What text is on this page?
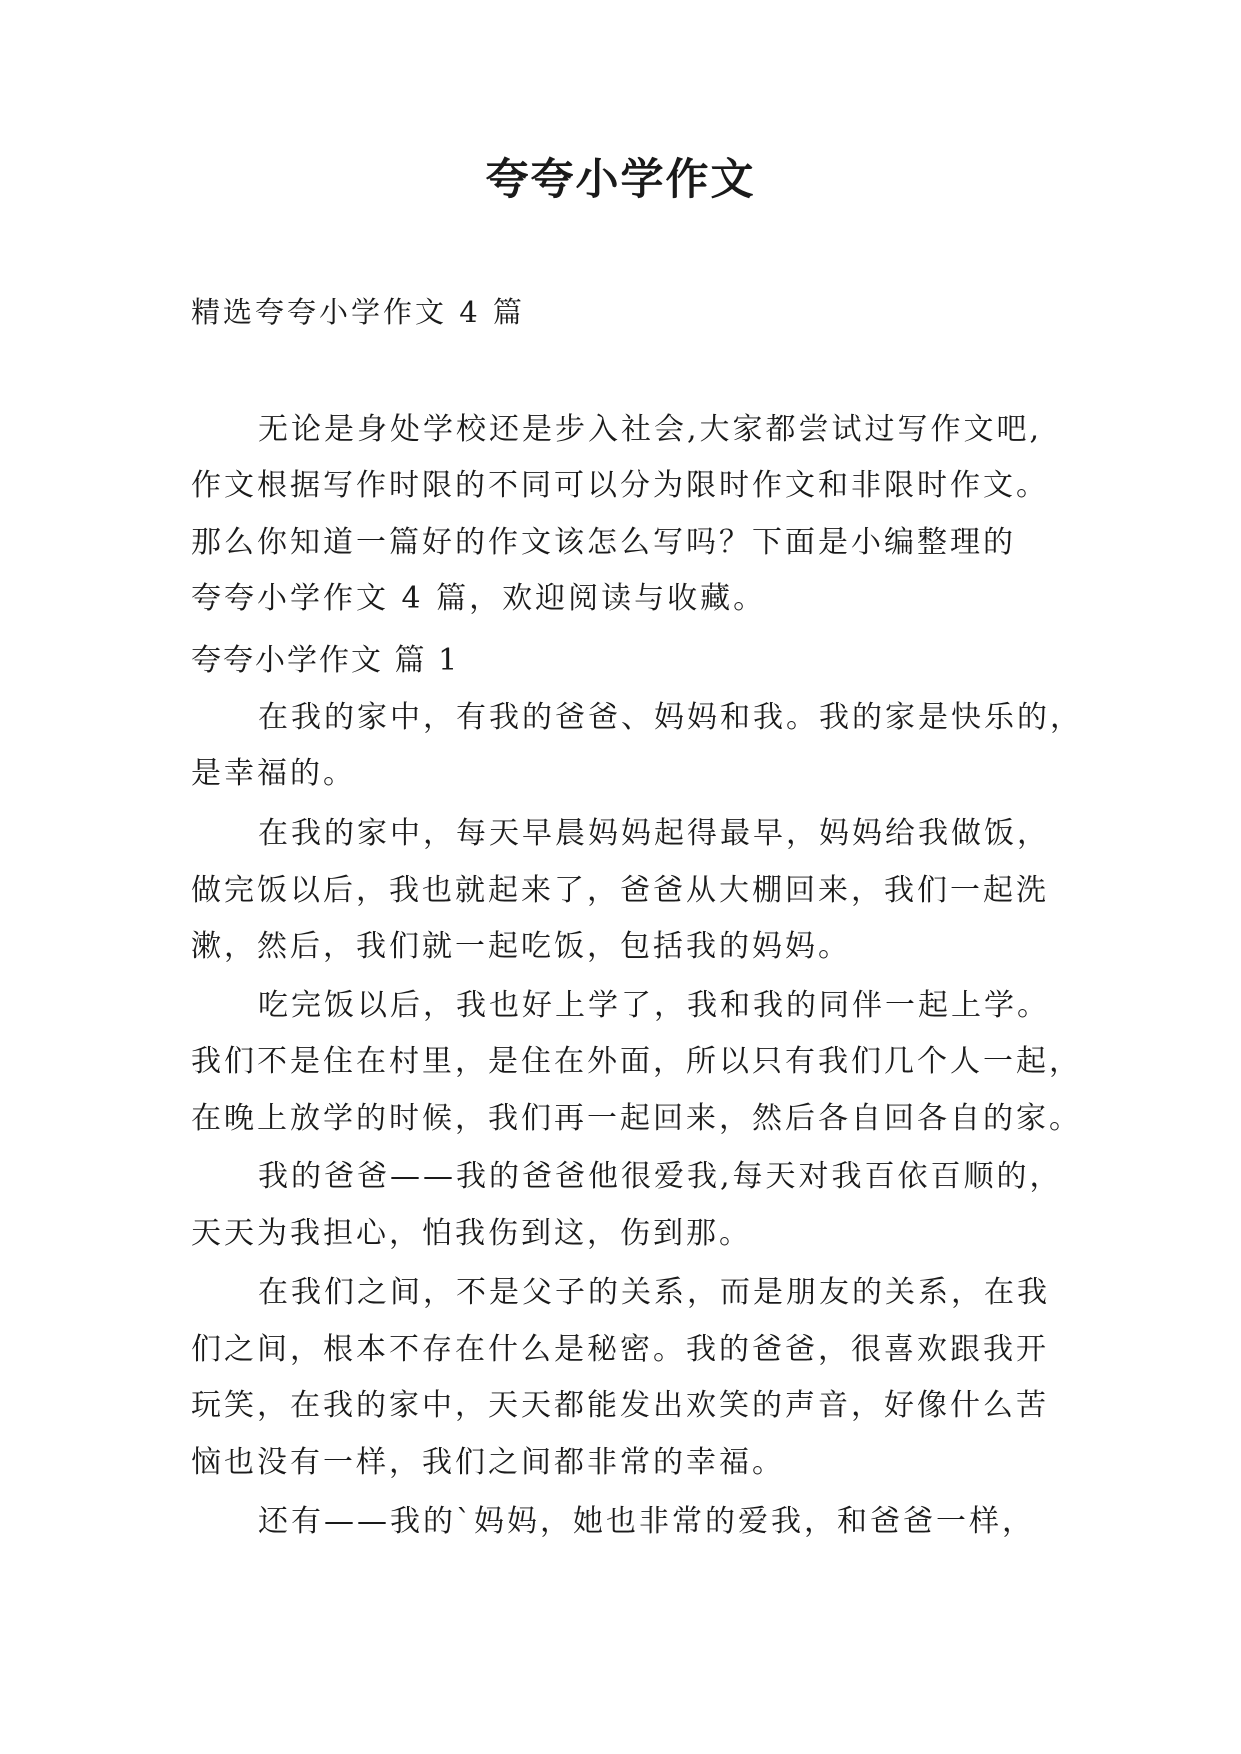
夸夸小学作文
精选夸夸小学作文 4 篇
无论是身处学校还是步入社会,大家都尝试过写作文吧,
作文根据写作时限的不同可以分为限时作文和非限时作文。
那么你知道一篇好的作文该怎么写吗？下面是小编整理的
夸夸小学作文 4 篇，欢迎阅读与收藏。
夸夸小学作文 篇 1
在我的家中，有我的爸爸、妈妈和我。我的家是快乐的，
是幸福的。
在我的家中，每天早晨妈妈起得最早，妈妈给我做饭，
做完饭以后，我也就起来了，爸爸从大棚回来，我们一起洗
漱，然后，我们就一起吃饭，包括我的妈妈。
吃完饭以后，我也好上学了，我和我的同伴一起上学。
我们不是住在村里，是住在外面，所以只有我们几个人一起，
在晚上放学的时候，我们再一起回来，然后各自回各自的家。
我的爸爸——我的爸爸他很爱我,每天对我百依百顺的，
天天为我担心，怕我伤到这，伤到那。
在我们之间，不是父子的关系，而是朋友的关系，在我
们之间，根本不存在什么是秘密。我的爸爸，很喜欢跟我开
玩笑，在我的家中，天天都能发出欢笑的声音，好像什么苦
恼也没有一样，我们之间都非常的幸福。
还有——我的`妈妈，她也非常的爱我，和爸爸一样，
